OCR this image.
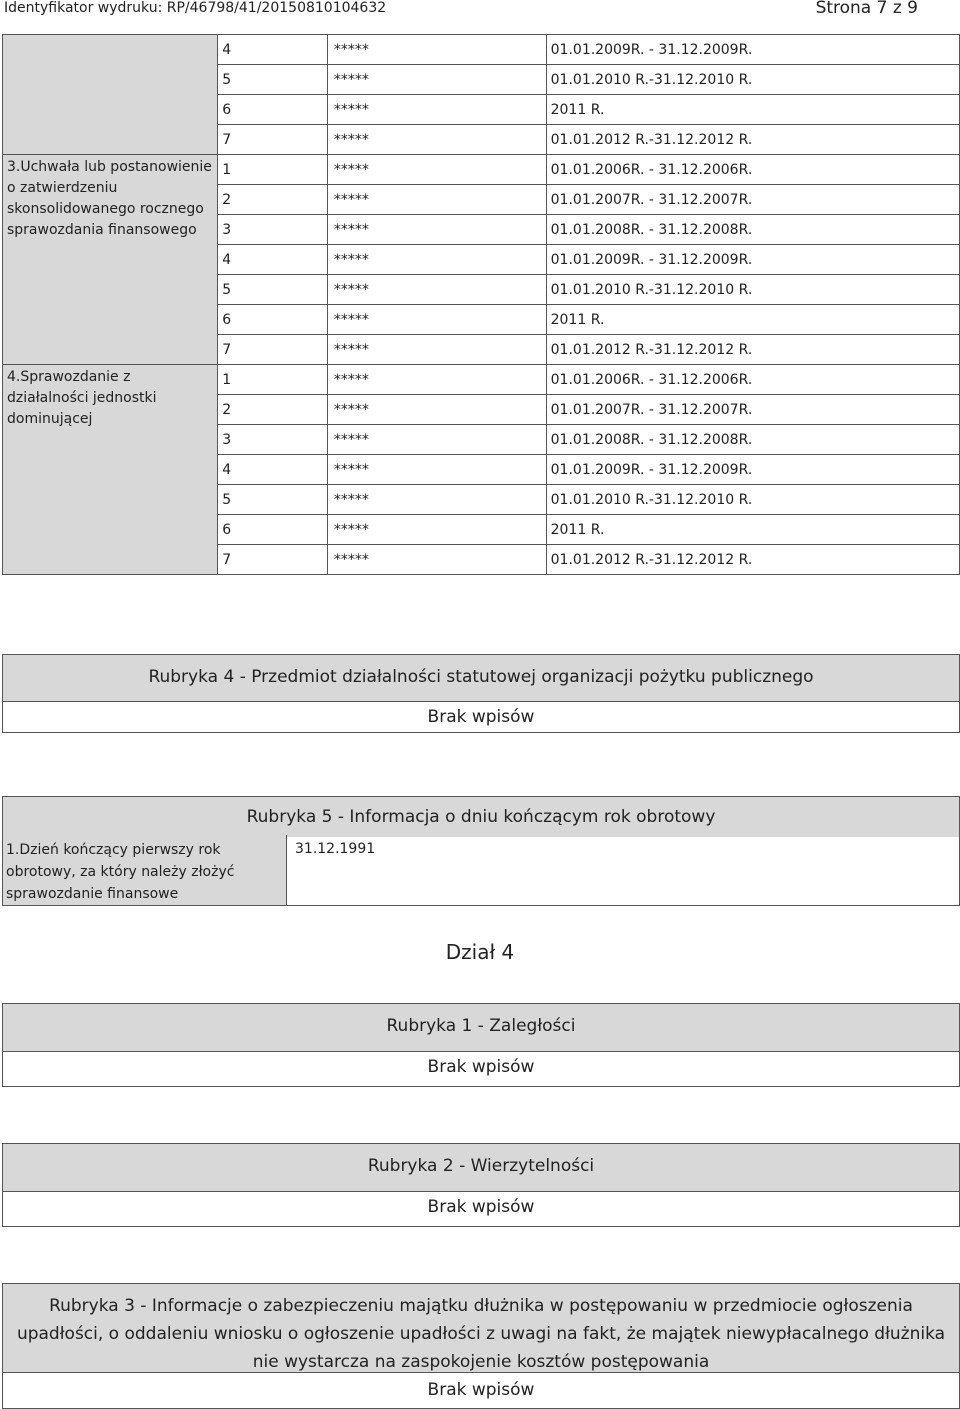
Identyfikator wydruku: RP/46798/41/20150810104632	Strona 7 z 9
	4	*****	01.01.2009R. - 31.12.2009R.
	5	*****	01.01.2010 R.-31.12.2010 R.
	6	*****	2011 R.
	7	*****	01.01.2012 R.-31.12.2012 R.
3.Uchwała lub postanowienie o zatwierdzeniu skonsolidowanego rocznego sprawozdania finansowego	1	*****	01.01.2006R. - 31.12.2006R.
	2	*****	01.01.2007R. - 31.12.2007R.
	3	*****	01.01.2008R. - 31.12.2008R.
	4	*****	01.01.2009R. - 31.12.2009R.
	5	*****	01.01.2010 R.-31.12.2010 R.
	6	*****	2011 R.
	7	*****	01.01.2012 R.-31.12.2012 R.
4.Sprawozdanie z działalności jednostki dominującej	1	*****	01.01.2006R. - 31.12.2006R.
	2	*****	01.01.2007R. - 31.12.2007R.
	3	*****	01.01.2008R. - 31.12.2008R.
	4	*****	01.01.2009R. - 31.12.2009R.
	5	*****	01.01.2010 R.-31.12.2010 R.
	6	*****	2011 R.
	7	*****	01.01.2012 R.-31.12.2012 R.
Rubryka 4 - Przedmiot działalności statutowej organizacji pożytku publicznego
Brak wpisów
Rubryka 5 - Informacja o dniu kończącym rok obrotowy
1.Dzień kończący pierwszy rok obrotowy, za który należy złożyć sprawozdanie finansowe
31.12.1991
Dział 4
Rubryka 1 - Zaległości
Brak wpisów
Rubryka 2 - Wierzytelności
Brak wpisów
Rubryka 3 - Informacje o zabezpieczeniu majątku dłużnika w postępowaniu w przedmiocie ogłoszenia upadłości, o oddaleniu wniosku o ogłoszenie upadłości z uwagi na fakt, że majątek niewypłacalnego dłużnika nie wystarcza na zaspokojenie kosztów postępowania
Brak wpisów
